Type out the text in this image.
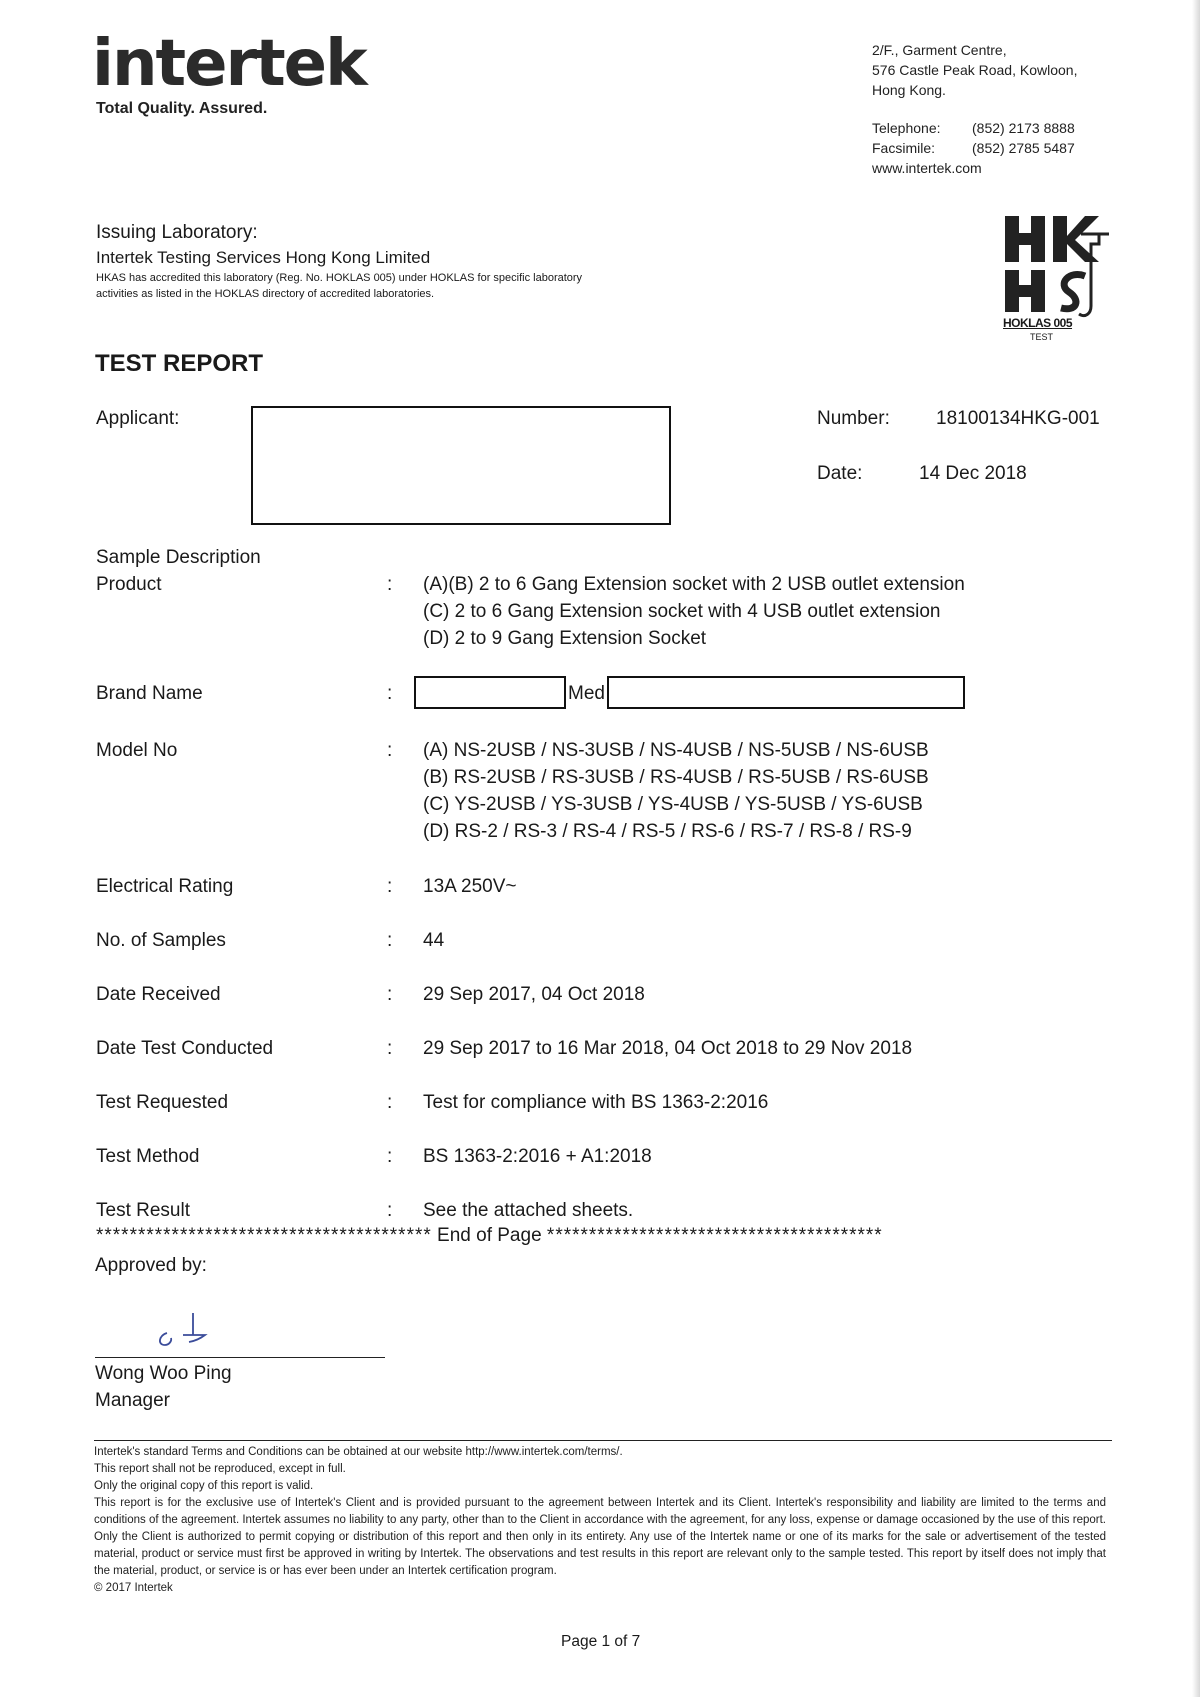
intertek
Total Quality. Assured.
2/F., Garment Centre,
576 Castle Peak Road, Kowloon,
Hong Kong.
Telephone:	(852) 2173 8888
Facsimile:	(852) 2785 5487
www.intertek.com
Issuing Laboratory:
Intertek Testing Services Hong Kong Limited
HKAS has accredited this laboratory (Reg. No. HOKLAS 005) under HOKLAS for specific laboratory activities as listed in the HOKLAS directory of accredited laboratories.
HOKLAS 005
TEST
TEST REPORT
Applicant:	Number: 18100134HKG-001
Date:	14 Dec 2018
Sample Description
Product	: (A)(B) 2 to 6 Gang Extension socket with 2 USB outlet extension
(C) 2 to 6 Gang Extension socket with 4 USB outlet extension
(D) 2 to 9 Gang Extension Socket
Brand Name	:	Med
Model No	: (A) NS-2USB / NS-3USB / NS-4USB / NS-5USB / NS-6USB
(B) RS-2USB / RS-3USB / RS-4USB / RS-5USB / RS-6USB
(C) YS-2USB / YS-3USB / YS-4USB / YS-5USB / YS-6USB
(D) RS-2 / RS-3 / RS-4 / RS-5 / RS-6 / RS-7 / RS-8 / RS-9
Electrical Rating	: 13A 250V~
No. of Samples	: 44
Date Received	: 29 Sep 2017, 04 Oct 2018
Date Test Conducted	: 29 Sep 2017 to 16 Mar 2018, 04 Oct 2018 to 29 Nov 2018
Test Requested	: Test for compliance with BS 1363-2:2016
Test Method	: BS 1363-2:2016 + A1:2018
Test Result	: See the attached sheets.
**************************************** End of Page ****************************************
Approved by:
Wong Woo Ping
Manager

Intertek's standard Terms and Conditions can be obtained at our website http://www.intertek.com/terms/.

This report shall not be reproduced, except in full.

Only the original copy of this report is valid.

This report is for the exclusive use of Intertek's Client and is provided pursuant to the agreement between Intertek and its Client. Intertek's responsibility and liability are limited to the terms and conditions of the agreement. Intertek assumes no liability to any party, other than to the Client in accordance with the agreement, for any loss, expense or damage occasioned by the use of this report. Only the Client is authorized to permit copying or distribution of this report and then only in its entirety. Any use of the Intertek name or one of its marks for the sale or advertisement of the tested material, product or service must first be approved in writing by Intertek. The observations and test results in this report are relevant only to the sample tested. This report by itself does not imply that the material, product, or service is or has ever been under an Intertek certification program.

© 2017 Intertek

Page 1 of 7
